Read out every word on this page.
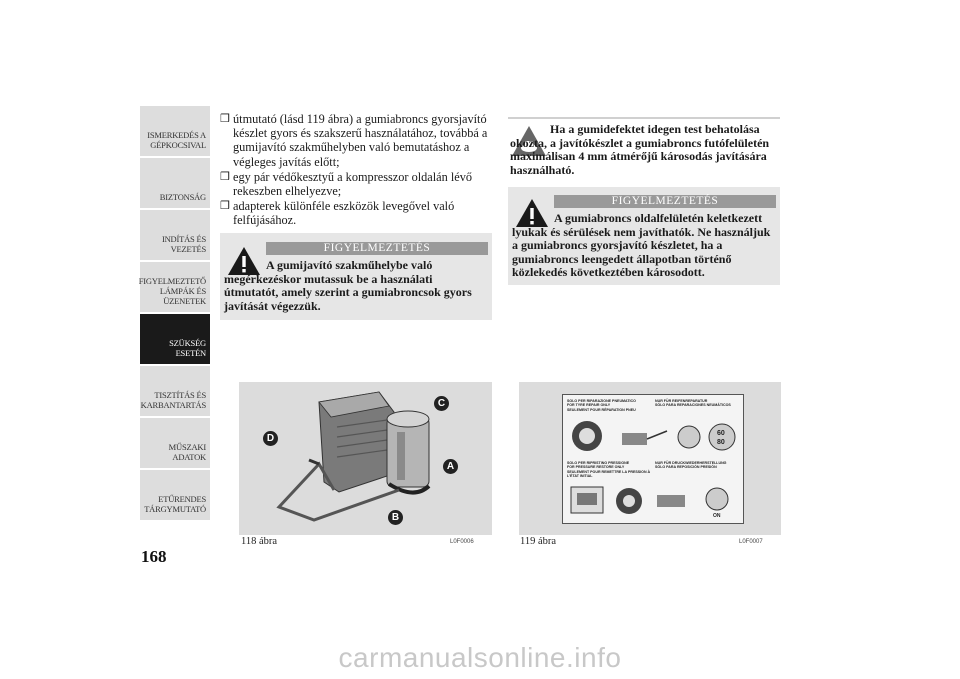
ISMERKEDÉS A
GÉPKOCSIVAL
BIZTONSÁG
INDÍTÁS ÉS
VEZETÉS
FIGYELMEZTETŐ
LÁMPÁK ÉS
ÜZENETEK
SZÜKSÉG ESETÉN
TISZTÍTÁS ÉS
KARBANTARTÁS
MŰSZAKI ADATOK
ETŰRENDES
TÁRGYMUTATÓ
168
❒ útmutató (lásd 119 ábra) a gumiabroncs gyorsjavító készlet gyors és szakszerű használatához, továbbá a gumijavító szakműhelyben való bemutatáshoz a végleges javítás előtt;
❒ egy pár védőkesztyű a kompresszor oldalán lévő rekeszben elhelyezve;
❒ adapterek különféle eszközök levegővel való felfújásához.
FIGYELMEZTETÉS
A gumijavító szakműhelybe való megérkezéskor mutassuk be a használati útmutatót, amely szerint a gumiabroncsok gyors javítását végezzük.
Ha a gumidefektet idegen test behatolása okozta, a javítókészlet a gumiabroncs futófelületén maximálisan 4 mm átmérőjű károsodás javítására használható.
FIGYELMEZTETÉS
A gumiabroncs oldalfelületén keletkezett lyukak és sérülések nem javíthatók. Ne használjuk a gumiabroncs gyorsjavító készletet, ha a gumiabroncs leengedett állapotban történő közlekedés következtében károsodott.
C
D
A
B
118 ábra	L0F0006
SOLO PER RIPARAZIONE PNEUMATICO
FOR TYRE REPAIR ONLY
SEULEMENT POUR RÉPARATION PNEU
NUR FÜR REIFENREPARATUR
SÓLO PARA REPARACIONES NEUMÁTICOS
60
80
SOLO PER RIPRISTINO PRESSIONE
FOR PRESSURE RESTORE ONLY
SEULEMENT POUR REMETTRE LA PRESSION À L'ÉTAT INITIAL
NUR FÜR DRUCKWIEDERHERSTELLUNG
SÓLO PARA REPOSICIÓN PRESIÓN
ON
119 ábra	L0F0007
carmanualsonline.info
